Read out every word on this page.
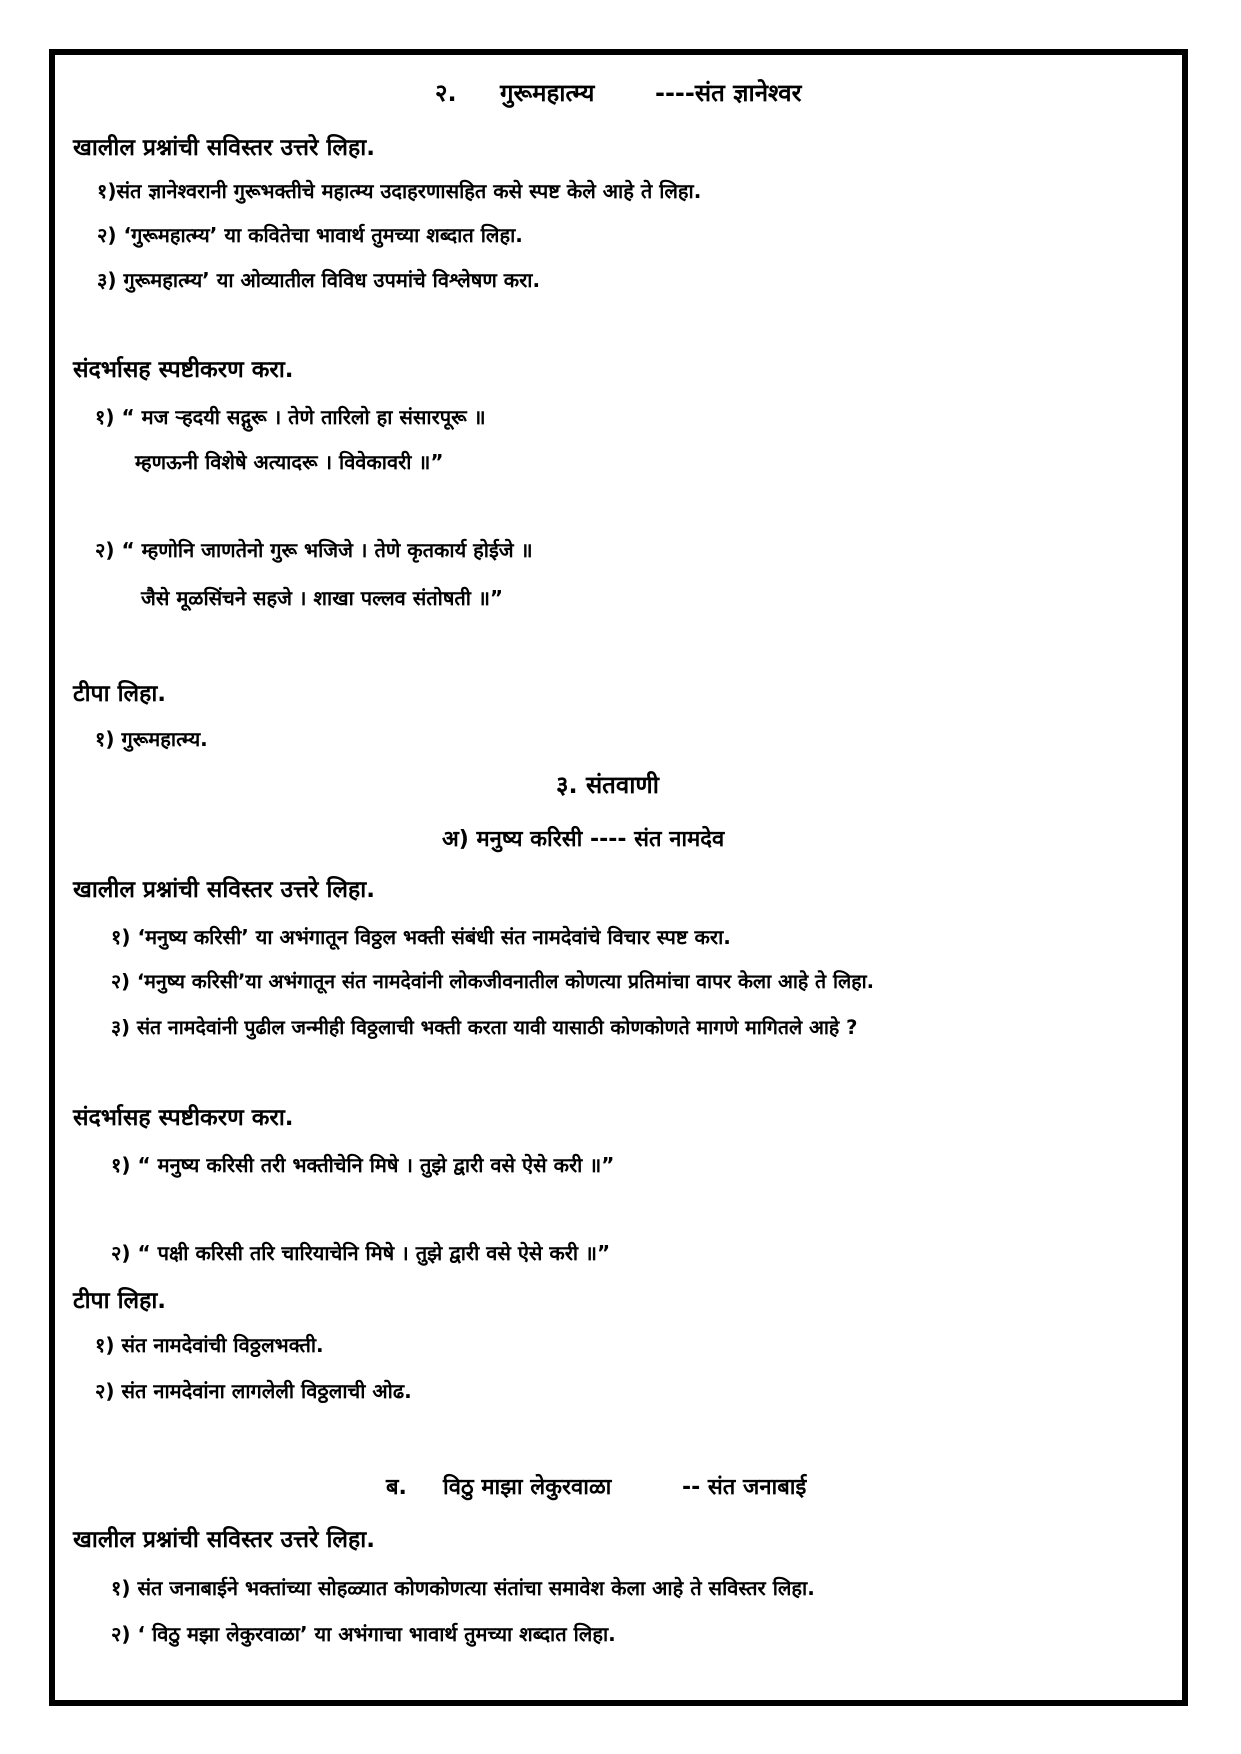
२. गुरूमहात्म्य	----संत ज्ञानेश्वर
खालील प्रश्नांची सविस्तर उत्तरे लिहा.
१)संत ज्ञानेश्वरानी गुरूभक्तीचे महात्म्य उदाहरणासहित कसे स्पष्ट केले आहे ते लिहा.
२) ‘गुरूमहात्म्य’ या कवितेचा भावार्थ तुमच्या शब्दात लिहा.
३) गुरूमहात्म्य’ या ओव्यातील विविध उपमांचे विश्लेषण करा.
संदर्भासह स्पष्टीकरण करा.
१) “ मज ऱ्हदयी सद्गुरू । तेणे तारिलो हा संसारपूरू ॥
म्हणऊनी विशेषे अत्यादरू । विवेकावरी ॥”
२) “ म्हणोनि जाणतेनो गुरू भजिजे । तेणे कृतकार्य होईजे ॥
जैसे मूळसिंचने सहजे । शाखा पल्लव संतोषती ॥”
टीपा लिहा.
१) गुरूमहात्म्य.
३. संतवाणी
अ) मनुष्य करिसी ---- संत नामदेव
खालील प्रश्नांची सविस्तर उत्तरे लिहा.
१) ‘मनुष्य करिसी’ या अभंगातून विठ्ठल भक्ती संबंधी संत नामदेवांचे विचार स्पष्ट करा.
२) ‘मनुष्य करिसी’या अभंगातून संत नामदेवांनी लोकजीवनातील कोणत्या प्रतिमांचा वापर केला आहे ते लिहा.
३) संत नामदेवांनी पुढील जन्मीही विठ्ठलाची भक्ती करता यावी यासाठी कोणकोणते मागणे मागितले आहे ?
संदर्भासह स्पष्टीकरण करा.
१) “ मनुष्य करिसी तरी भक्तीचेनि मिषे । तुझे द्वारी वसे ऐसे करी ॥”
२) “ पक्षी करिसी तरि चारियाचेनि मिषे । तुझे द्वारी वसे ऐसे करी ॥”
टीपा लिहा.
१) संत नामदेवांची विठ्ठलभक्ती.
२) संत नामदेवांना लागलेली विठ्ठलाची ओढ.
ब. विठु माझा लेकुरवाळा	-- संत जनाबाई
खालील प्रश्नांची सविस्तर उत्तरे लिहा.
१) संत जनाबाईने भक्तांच्या सोहळ्यात कोणकोणत्या संतांचा समावेश केला आहे ते सविस्तर लिहा.
२) ‘ विठु मझा लेकुरवाळा’ या अभंगाचा भावार्थ तुमच्या शब्दात लिहा.
